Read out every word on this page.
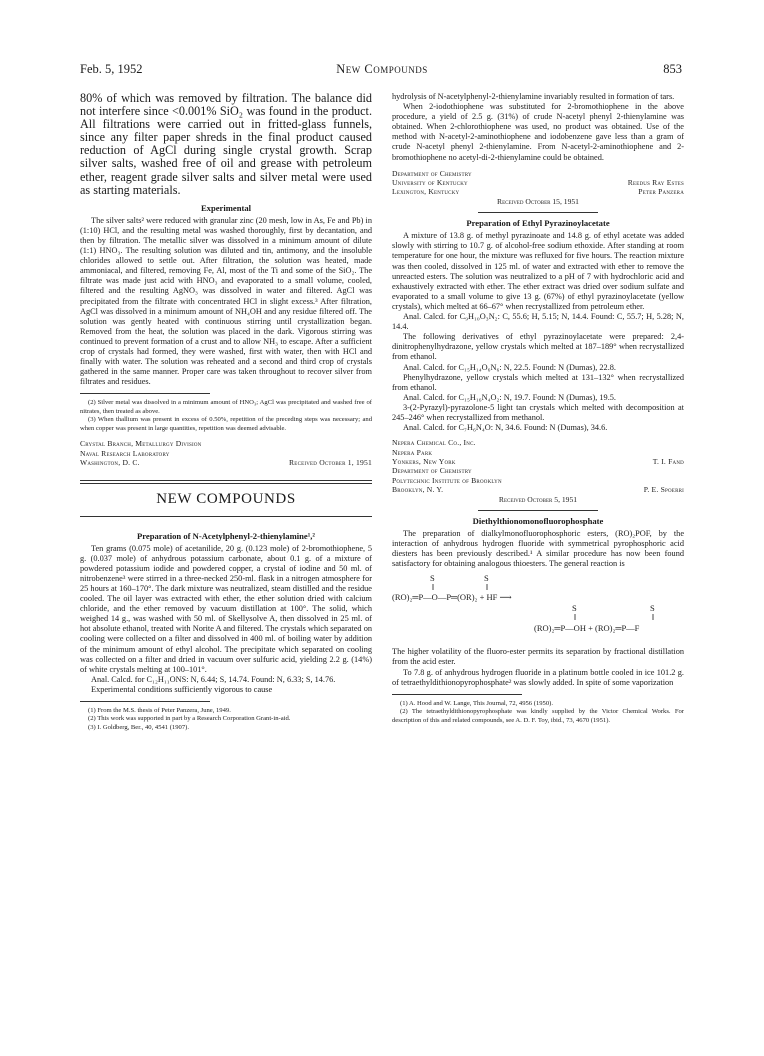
Feb. 5, 1952	New Compounds	853

80% of which was removed by filtration. The balance did not interfere since <0.001% SiO₂ was found in the product. All filtrations were carried out in fritted-glass funnels, since any filter paper shreds in the final product caused reduction of AgCl during single crystal growth. Scrap silver salts, washed free of oil and grease with petroleum ether, reagent grade silver salts and silver metal were used as starting materials.

Experimental

The silver salts² were reduced with granular zinc (20 mesh, low in As, Fe and Pb) in (1:10) HCl, and the resulting metal was washed thoroughly, first by decantation, and then by filtration. The metallic silver was dissolved in a minimum amount of dilute (1:1) HNO₃. The resulting solution was diluted and tin, antimony, and the insoluble chlorides allowed to settle out. After filtration, the solution was heated, made ammoniacal, and filtered, removing Fe, Al, most of the Ti and some of the SiO₂. The filtrate was made just acid with HNO₃ and evaporated to a small volume, cooled, filtered and the resulting AgNO₃ was dissolved in water and filtered. AgCl was precipitated from the filtrate with concentrated HCl in slight excess.³ After filtration, AgCl was dissolved in a minimum amount of NH₄OH and any residue filtered off. The solution was gently heated with continuous stirring until crystallization began. Removed from the heat, the solution was placed in the dark. Vigorous stirring was continued to prevent formation of a crust and to allow NH₃ to escape. After a sufficient crop of crystals had formed, they were washed, first with water, then with HCl and finally with water. The solution was reheated and a second and third crop of crystals gathered in the same manner. Proper care was taken throughout to recover silver from filtrates and residues.

(2) Silver metal was dissolved in a minimum amount of HNO₃; AgCl was precipitated and washed free of nitrates, then treated as above.

(3) When thallium was present in excess of 0.50%, repetition of the preceding steps was necessary; and when copper was present in large quantities, repetition was deemed advisable.

Crystal Branch, Metallurgy Division
Naval Research Laboratory
Washington, D. C.	Received October 1, 1951
NEW COMPOUNDS
Preparation of N-Acetylphenyl-2-thienylamine¹,²

Ten grams (0.075 mole) of acetanilide, 20 g. (0.123 mole) of 2-bromothiophene, 5 g. (0.037 mole) of anhydrous potassium carbonate, about 0.1 g. of a mixture of powdered potassium iodide and powdered copper, a crystal of iodine and 50 ml. of nitrobenzene³ were stirred in a three-necked 250-ml. flask in a nitrogen atmosphere for 25 hours at 160–170°. The dark mixture was neutralized, steam distilled and the residue cooled. The oil layer was extracted with ether, the ether solution dried with calcium chloride, and the ether removed by vacuum distillation at 100°. The solid, which weighed 14 g., was washed with 50 ml. of Skellysolve A, then dissolved in 25 ml. of hot absolute ethanol, treated with Norite A and filtered. The crystals which separated on cooling were collected on a filter and dissolved in 400 ml. of boiling water by addition of the minimum amount of ethyl alcohol. The precipitate which separated on cooling was collected on a filter and dried in vacuum over sulfuric acid, yielding 2.2 g. (14%) of white crystals melting at 100–101°.

Anal. Calcd. for C₁₂H₁₁ONS: N, 6.44; S, 14.74. Found: N, 6.33; S, 14.76.

Experimental conditions sufficiently vigorous to cause

(1) From the M.S. thesis of Peter Panzera, June, 1949.

(2) This work was supported in part by a Research Corporation Grant-in-aid.

(3) I. Goldberg, Ber., 40, 4541 (1907).

hydrolysis of N-acetylphenyl-2-thienylamine invariably resulted in formation of tars.

When 2-iodothiophene was substituted for 2-bromothiophene in the above procedure, a yield of 2.5 g. (31%) of crude N-acetyl phenyl 2-thienylamine was obtained. When 2-chlorothiophene was used, no product was obtained. Use of the method with N-acetyl-2-aminothiophene and iodobenzene gave less than a gram of crude N-acetyl phenyl 2-thienylamine. From N-acetyl-2-aminothiophene and 2-bromothiophene no acetyl-di-2-thienylamine could be obtained.

Department of Chemistry
University of Kentucky	Reedus Ray Estes
Lexington, Kentucky	Peter Panzera
Received October 15, 1951
Preparation of Ethyl Pyrazinoylacetate

A mixture of 13.8 g. of methyl pyrazinoate and 14.8 g. of ethyl acetate was added slowly with stirring to 10.7 g. of alcohol-free sodium ethoxide. After standing at room temperature for one hour, the mixture was refluxed for five hours. The reaction mixture was then cooled, dissolved in 125 ml. of water and extracted with ether to remove the unreacted esters. The solution was neutralized to a pH of 7 with hydrochloric acid and exhaustively extracted with ether. The ether extract was dried over sodium sulfate and evaporated to a small volume to give 13 g. (67%) of ethyl pyrazinoylacetate (yellow crystals), which melted at 66–67° when recrystallized from petroleum ether.

Anal. Calcd. for C₉H₁₀O₃N₂: C, 55.6; H, 5.15; N, 14.4. Found: C, 55.7; H, 5.28; N, 14.4.

The following derivatives of ethyl pyrazinoylacetate were prepared: 2,4-dinitrophenylhydrazone, yellow crystals which melted at 187–189° when recrystallized from ethanol.

Anal. Calcd. for C₁₅H₁₄O₆N₆: N, 22.5. Found: N (Dumas), 22.8.

Phenylhydrazone, yellow crystals which melted at 131–132° when recrystallized from ethanol.

Anal. Calcd. for C₁₅H₁₆N₄O₂: N, 19.7. Found: N (Dumas), 19.5.

3-(2-Pyrazyl)-pyrazolone-5 light tan crystals which melted with decomposition at 245–246° when recrystallized from methanol.

Anal. Calcd. for C₇H₆N₄O: N, 34.6. Found: N (Dumas), 34.6.

Nepera Chemical Co., Inc.
Nepera Park
Yonkers, New York	T. I. Fand
Department of Chemistry
Polytechnic Institute of Brooklyn
Brooklyn, N. Y.	P. E. Spoerri
Received October 5, 1951
Diethylthionomonofluorophosphate

The preparation of dialkylmonofluorophosphoric esters, (RO)₂POF, by the interaction of anhydrous hydrogen fluoride with symmetrical pyrophosphoric acid diesters has been previously described.¹ A similar procedure has now been found satisfactory for obtaining analogous thioesters. The general reaction is

S	S
‖	‖
(RO)₂═P—O—P═(OR)₂ + HF ⟶
S	S
‖	‖
(RO)₂═P—OH + (RO)₂═P—F

The higher volatility of the fluoro-ester permits its separation by fractional distillation from the acid ester.

To 7.8 g. of anhydrous hydrogen fluoride in a platinum bottle cooled in ice 101.2 g. of tetraethyldithionopyrophosphate² was slowly added. In spite of some vaporization

(1) A. Hood and W. Lange, This Journal, 72, 4956 (1950).

(2) The tetraethyldithionopyrophosphate was kindly supplied by the Victor Chemical Works. For description of this and related compounds, see A. D. F. Toy, ibid., 73, 4670 (1951).
